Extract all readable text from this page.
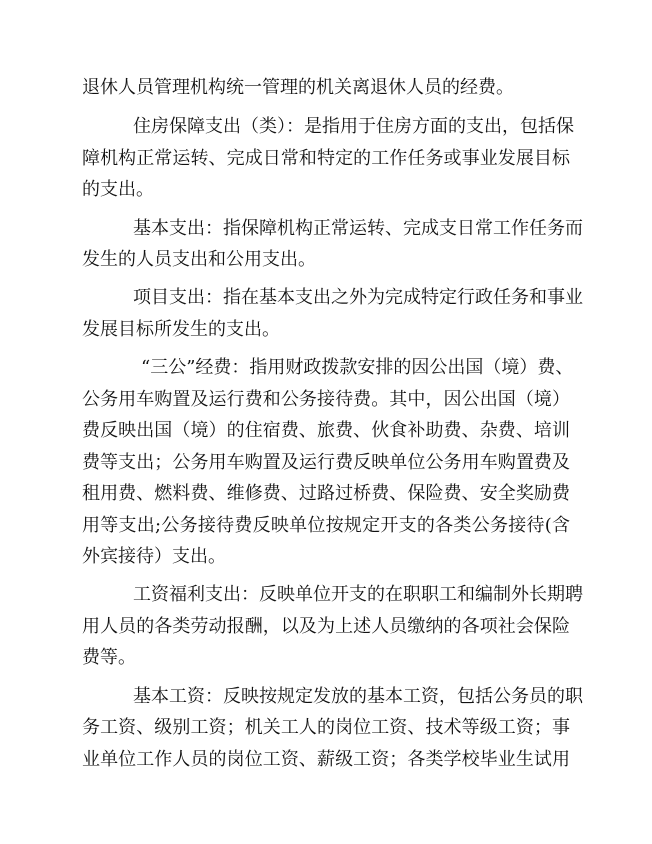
退休人员管理机构统一管理的机关离退休人员的经费。
住房保障支出（类）：是指用于住房方面的支出，包括保
障机构正常运转、完成日常和特定的工作任务或事业发展目标
的支出。
基本支出：指保障机构正常运转、完成支日常工作任务而
发生的人员支出和公用支出。
项目支出：指在基本支出之外为完成特定行政任务和事业
发展目标所发生的支出。
“三公”经费：指用财政拨款安排的因公出国（境）费、
公务用车购置及运行费和公务接待费。其中，因公出国（境）
费反映出国（境）的住宿费、旅费、伙食补助费、杂费、培训
费等支出；公务用车购置及运行费反映单位公务用车购置费及
租用费、燃料费、维修费、过路过桥费、保险费、安全奖励费
用等支出;公务接待费反映单位按规定开支的各类公务接待(含
外宾接待）支出。
工资福利支出：反映单位开支的在职职工和编制外长期聘
用人员的各类劳动报酬，以及为上述人员缴纳的各项社会保险
费等。
基本工资：反映按规定发放的基本工资，包括公务员的职
务工资、级别工资；机关工人的岗位工资、技术等级工资；事
业单位工作人员的岗位工资、薪级工资；各类学校毕业生试用
